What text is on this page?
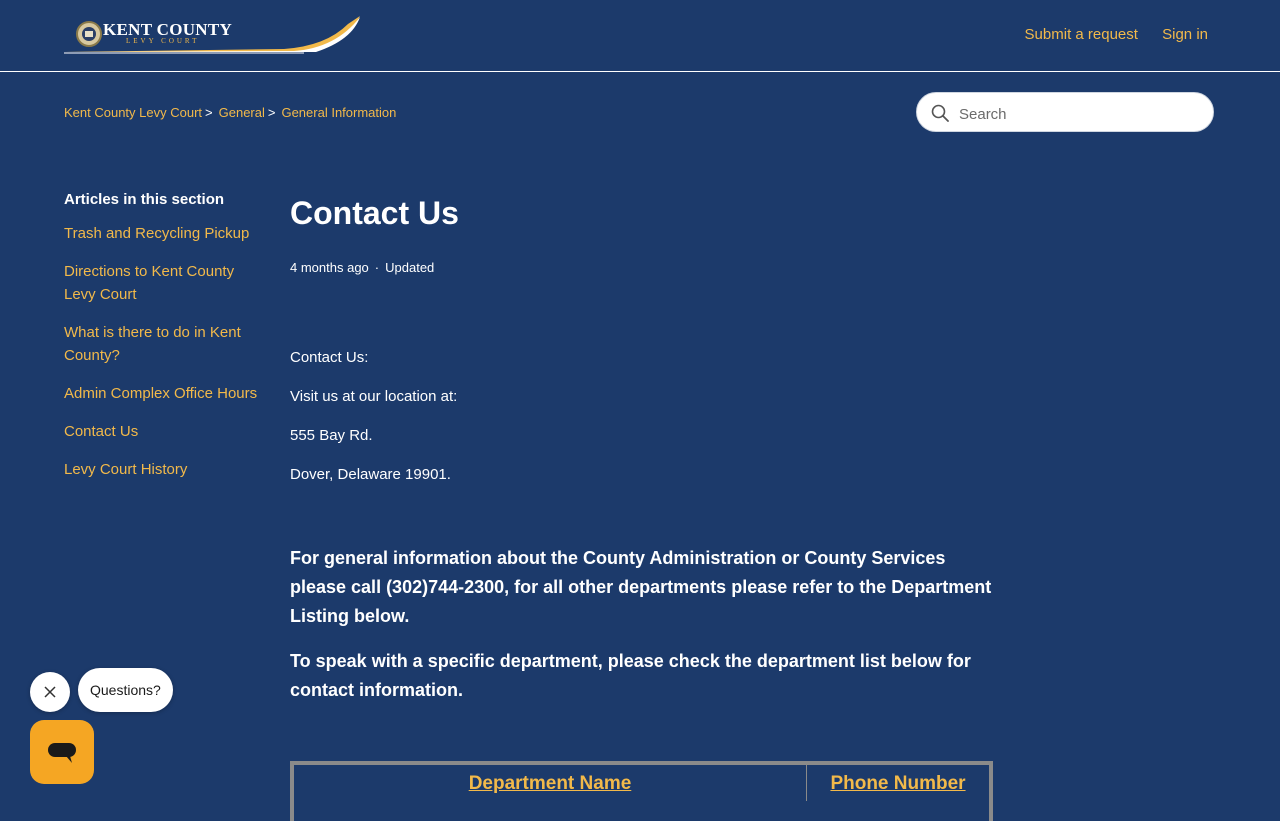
KENT COUNTY
LEVY COURT	Submit a request Sign in
Kent County Levy Court > General > General Information
Search
Articles in this section
Trash and Recycling Pickup
Directions to Kent County Levy Court
What is there to do in Kent County?
Admin Complex Office Hours
Contact Us
Levy Court History
Contact Us
4 months ago · Updated

Contact Us:

Visit us at our location at:

555 Bay Rd.

Dover, Delaware 19901.

For general information about the County Administration or County Services please call (302)744-2300, for all other departments please refer to the Department Listing below.

To speak with a specific department, please check the department list below for contact information.

Department Name	Phone Number
Questions?
